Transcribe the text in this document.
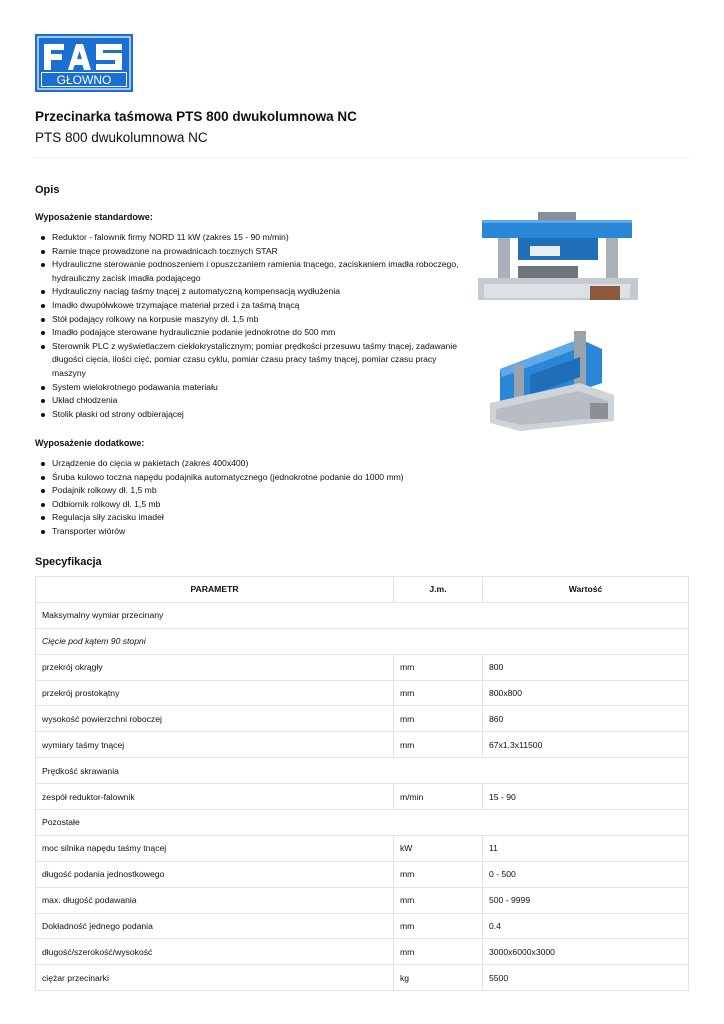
GŁOWNO
Przecinarka taśmowa PTS 800 dwukolumnowa NC
PTS 800 dwukolumnowa NC
Opis
Wyposażenie standardowe:
Reduktor - falownik firmy NORD 11 kW (zakres 15 - 90 m/min)
Ramie tnące prowadzone na prowadnicach tocznych STAR
Hydrauliczne sterowanie podnoszeniem i opuszczaniem ramienia tnącego, zaciskaniem imadła roboczego, hydrauliczny zacisk imadła podającego
Hydrauliczny naciąg taśmy tnącej z automatyczną kompensacją wydłużenia
Imadło dwupółwkowe trzymające materiał przed i za taśmą tnącą
Stół podający rolkowy na korpusie maszyny dł. 1,5 mb
Imadło podające sterowane hydraulicznie podanie jednokrotne do 500 mm
Sterownik PLC z wyświetlaczem ciekłokrystalicznym; pomiar prędkości przesuwu taśmy tnącej, zadawanie długości cięcia, ilości cięć, pomiar czasu cyklu, pomiar czasu pracy taśmy tnącej, pomiar czasu pracy maszyny
System wielokrotnego podawania materiału
Układ chłodzenia
Stolik płaski od strony odbierającej
Wyposażenie dodatkowe:
Urządzenie do cięcia w pakietach (zakres 400x400)
Śruba kulowo toczna napędu podajnika automatycznego (jednokrotne podanie do 1000 mm)
Podajnik rolkowy dł. 1,5 mb
Odbiornik rolkowy dł. 1,5 mb
Regulacja siły zacisku imadeł
Transporter wiórów
Specyfikacja
PARAMETR	J.m.	Wartość
Maksymalny wymiar przecinany		
Cięcie pod kątem 90 stopni		
przekrój okrągły	mm	800
przekrój prostokątny	mm	800x800
wysokość powierzchni roboczej	mm	860
wymiary taśmy tnącej	mm	67x1.3x11500
Prędkość skrawania		
zespół reduktor-falownik	m/min	15 - 90
Pozostałe		
moc silnika napędu taśmy tnącej	kW	11
długość podania jednostkowego	mm	0 - 500
max. długość podawania	mm	500 - 9999
Dokładność jednego podania	mm	0.4
długość/szerokość/wysokość	mm	3000x6000x3000
ciężar przecinarki	kg	5500
